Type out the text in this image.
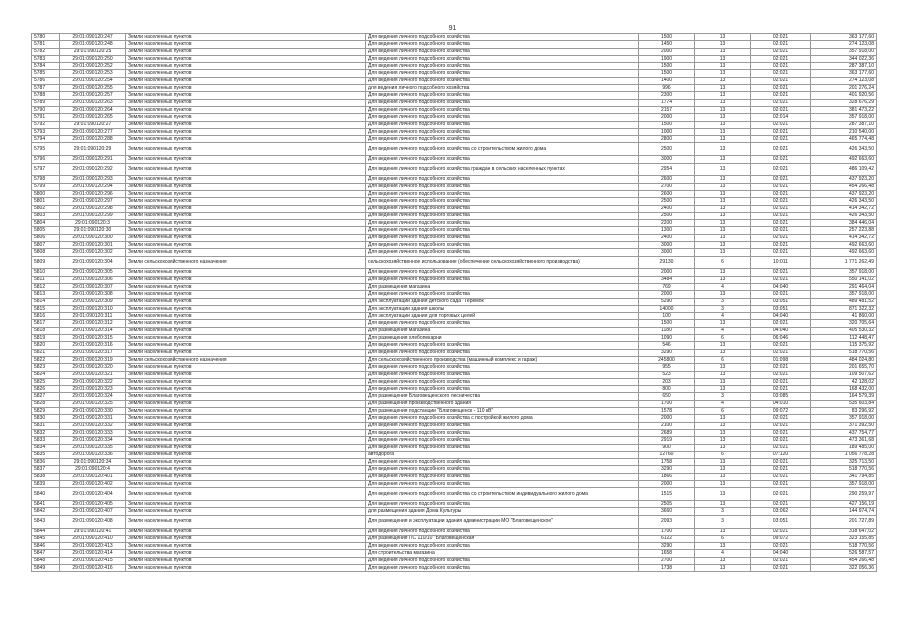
91
5780	29:01:090120:247	Земли населенных пунктов	Для ведения личного подсобного хозяйства	1500	13	02:021	363 177,60
5781	29:01:090120:248	Земли населенных пунктов	Для ведения личного подсобного хозяйства	1450	13	02:021	274 123,08
5782	29:01:090120:25	Земли населенных пунктов	Для ведения личного подсобного хозяйства	2000	13	02:021	357 918,00
5783	29:01:090120:250	Земли населенных пунктов	Для ведения личного подсобного хозяйства	1900	13	02:021	344 022,36
5784	29:01:090120:252	Земли населенных пунктов	Для ведения личного подсобного хозяйства	1500	13	02:021	287 387,10
5785	29:01:090120:253	Земли населенных пунктов	Для ведения личного подсобного хозяйства	1500	13	02:021	363 177,60
5786	29:01:090120:254	Земли населенных пунктов	Для ведения личного подсобного хозяйства	1400	13	02:021	274 123,08
5787	29:01:090120:255	Земли населенных пунктов	для ведения личного подсобного хозяйства	996	13	02:021	201 276,24
5788	29:01:090120:257	Земли населенных пунктов	Для ведения личного подсобного хозяйства	2300	13	02:021	401 920,56
5789	29:01:090120:263	Земли населенных пунктов	Для ведения личного подсобного хозяйства	1774	13	02:021	328 676,29
5790	29:01:090120:264	Земли населенных пунктов	Для ведения личного подсобного хозяйства	2157	13	02:021	381 473,22
5791	29:01:090120:265	Земли населенных пунктов	Для ведения личного подсобного хозяйства	2000	13	02:014	357 918,00
5792	29:01:090120:27	Земли населенных пунктов	Для ведения личного подсобного хозяйства	1500	13	02:021	287 387,10
5793	29:01:090120:277	Земли населенных пунктов	Для ведения личного подсобного хозяйства	1000	13	02:021	210 540,00
5794	29:01:090120:288	Земли населенных пунктов	Для ведения личного подсобного хозяйства	2800	13	02:021	465 774,48
5795	29:01:090120:29	Земли населенных пунктов	Для ведения личного подсобного хозяйства со строительством жилого дома	2500	13	02:021	426 343,50
5796	29:01:090120:291	Земли населенных пунктов	Для ведения личного подсобного хозяйства	3000	13	02:021	492 663,60
5797	29:01:090120:292	Земли населенных пунктов	Для ведения личного подсобного хозяйства граждан в сельских населенных пунктах	2954	13	02:021	486 109,42
5798	29:01:090120:293	Земли населенных пунктов	Для ведения личного подсобного хозяйства	2600	13	02:021	437 923,20
5799	29:01:090120:294	Земли населенных пунктов	Для ведения личного подсобного хозяйства	2700	13	02:021	454 266,48
5800	29:01:090120:296	Земли населенных пунктов	Для ведения личного подсобного хозяйства	2600	13	02:021	437 923,20
5801	29:01:090120:297	Земли населенных пунктов	Для ведения личного подсобного хозяйства	2500	13	02:021	426 343,50
5802	29:01:090120:298	Земли населенных пунктов	Для ведения личного подсобного хозяйства	2400	13	02:021	414 342,72
5803	29:01:090120:299	Земли населенных пунктов	Для ведения личного подсобного хозяйства	2500	13	02:021	426 343,50
5804	29:01:090120:3	Земли населенных пунктов	Для ведения личного подсобного хозяйства	2200	13	02:021	384 446,04
5805	29:01:090120:30	Земли населенных пунктов	Для ведения личного подсобного хозяйства	1300	13	02:021	257 223,88
5806	29:01:090120:300	Земли населенных пунктов	Для ведения личного подсобного хозяйства	2400	13	02:021	414 342,72
5807	29:01:090120:301	Земли населенных пунктов	Для ведения личного подсобного хозяйства	3000	13	02:021	492 663,60
5808	29:01:090120:302	Земли населенных пунктов	Для ведения личного подсобного хозяйства	3000	13	02:021	492 663,60
5809	29:01:090120:304	Земли сельскохозяйственного назначения	сельскохозяйственное использование (обеспечение сельскохозяйственного производства)	29130	6	10:011	1 771 262,49
5810	29:01:090120:305	Земли населенных пунктов	Для ведения личного подсобного хозяйства	2000	13	02:021	357 918,00
5811	29:01:090120:306	Земли населенных пунктов	Для ведения личного подсобного хозяйства	3484	13	02:021	550 141,02
5812	29:01:090120:307	Земли населенных пунктов	Для размещения магазина	769	4	04:040	291 464,04
5813	29:01:090120:308	Земли населенных пунктов	Для ведения личного подсобного хозяйства	2000	13	02:021	357 918,00
5814	29:01:090120:309	Земли населенных пунктов	Для эксплуатации здания детского сада "Теремок"	5290	3	03:051	489 481,52
5815	29:01:090120:310	Земли населенных пунктов	Для эксплуатации здания школы	14000	3	03:051	871 322,32
5816	29:01:090120:311	Земли населенных пунктов	Для эксплуатации здания для торговых целей	100	4	04:040	41 860,00
5817	29:01:090120:312	Земли населенных пунктов	Для ведения личного подсобного хозяйства	1500	13	02:021	320 705,64
5818	29:01:090120:314	Земли населенных пунктов	Для размещения магазина	1180	4	04:040	405 530,32
5819	29:01:090120:315	Земли населенных пунктов	Для размещения хлебопекарни	1090	6	06:046	112 448,47
5820	29:01:090120:316	Земли населенных пунктов	Для ведения личного подсобного хозяйства	546	13	02:021	115 375,92
5821	29:01:090120:317	Земли населенных пунктов	Для ведения личного подсобного хозяйства	3290	13	02:021	518 770,56
5822	29:01:090120:319	Земли сельскохозяйственного назначения	Для сельскохозяйственного производства (машинный комплекс и гараж)	245800	6	01:098	484 024,80
5823	29:01:090120:320	Земли населенных пунктов	Для ведения личного подсобного хозяйства	955	13	02:021	201 655,70
5824	29:01:090120:321	Земли населенных пунктов	Для ведения личного подсобного хозяйства	523	13	02:021	109 507,62
5825	29:01:090120:322	Земли населенных пунктов	Для ведения личного подсобного хозяйства	203	13	02:021	42 128,02
5826	29:01:090120:323	Земли населенных пунктов	Для ведения личного подсобного хозяйства	800	13	02:021	168 432,00
5827	29:01:090120:324	Земли населенных пунктов	Для размещения Благовещенского лесничества	650	3	03:085	164 579,39
5828	29:01:090120:325	Земли населенных пунктов	Для размещения производственного здания	1700	4	04:010	535 603,84
5829	29:01:090120:330	Земли населенных пунктов	Для размещения подстанции "Благовещенск - 110 кВ"	1578	6	09:072	83 296,92
5830	29:01:090120:331	Земли населенных пунктов	Для ведения личного подсобного хозяйства с постройкой жилого дома	2000	13	02:021	357 918,00
5831	29:01:090120:332	Земли населенных пунктов	Для ведения личного подсобного хозяйства	2100	13	02:021	371 392,50
5832	29:01:090120:333	Земли населенных пунктов	Для ведения личного подсобного хозяйства	2689	13	02:021	437 754,77
5833	29:01:090120:334	Земли населенных пунктов	Для ведения личного подсобного хозяйства	2919	13	02:021	473 361,68
5834	29:01:090120:335	Земли населенных пунктов	Для ведения личного подсобного хозяйства	900	13	02:021	189 485,00
5835	29:01:090120:336	Земли населенных пунктов	автодорога	12760	6	07:120	1 056 778,28
5836	29:01:090120:34	Земли населенных пунктов	Для ведения личного подсобного хозяйства	1758	13	02:021	325 713,50
5837	29:01:090120:4	Земли населенных пунктов	Для ведения личного подсобного хозяйства	3290	13	02:021	518 770,56
5838	29:01:090120:401	Земли населенных пунктов	Для ведения личного подсобного хозяйства	1866	13	02:021	341 794,85
5839	29:01:090120:402	Земли населенных пунктов	Для ведения личного подсобного хозяйства	2000	13	02:021	357 918,00
5840	29:01:090120:404	Земли населенных пунктов	Для ведения личного подсобного хозяйства со строительством индивидуального жилого дома	1515	13	02:021	290 259,97
5841	29:01:090120:405	Земли населенных пунктов	Для ведения личного подсобного хозяйства	2505	13	02:021	427 156,19
5842	29:01:090120:407	Земли населенных пунктов	для размещения здания Дома Культуры	3660	3	03:062	144 974,74
5843	29:01:090120:408	Земли населенных пунктов	Для размещения и эксплуатации здания администрации МО "Благовещенское"	2093	3	03:051	201 727,89
5844	29:01:090120:41	Земли населенных пунктов	Для ведения личного подсобного хозяйства	1700	13	02:021	318 647,02
5845	29:01:090120:410	Земли населенных пунктов	Для размещения ПС 110/10 "Благовещенская"	6122	6	09:072	323 155,85
5846	29:01:090120:413	Земли населенных пунктов	Для ведения личного подсобного хозяйства	3290	13	02:021	518 770,56
5847	29:01:090120:414	Земли населенных пунктов	Для строительства магазина	1658	4	04:040	526 587,57
5848	29:01:090120:415	Земли населенных пунктов	Для ведения личного подсобного хозяйства	2700	13	02:021	454 266,48
5849	29:01:090120:416	Земли населенных пунктов	Для ведения личного подсобного хозяйства	1738	13	02:021	322 056,36
